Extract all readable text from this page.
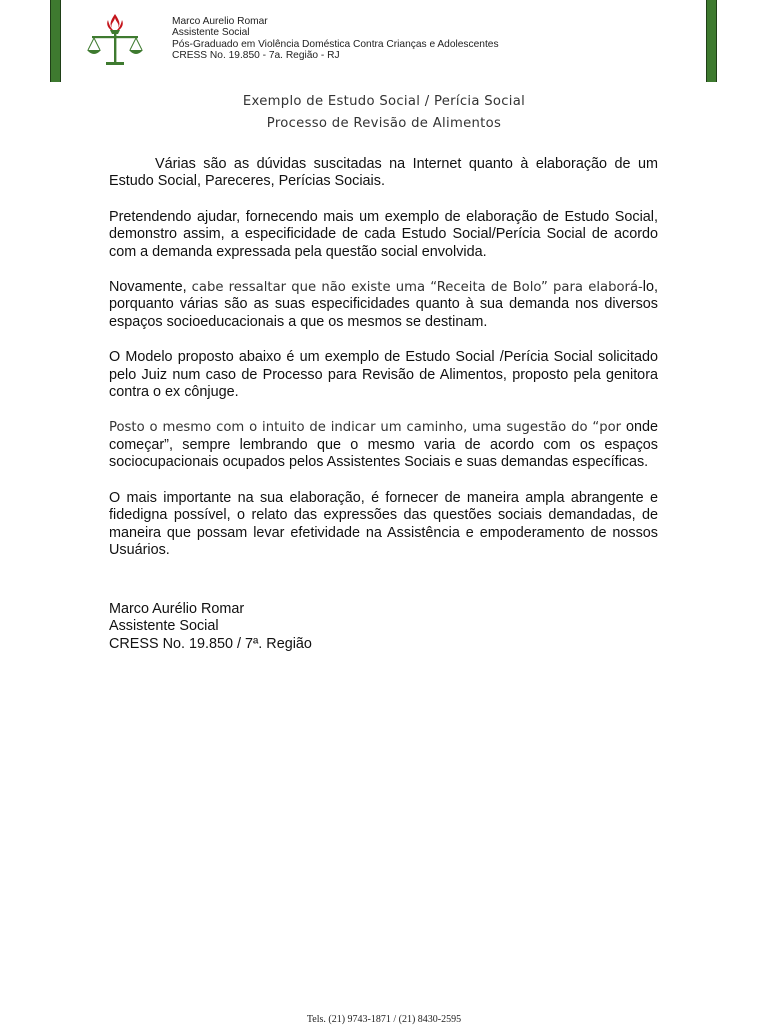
Marco Aurelio Romar
Assistente Social
Pós-Graduado em Violência Doméstica Contra Crianças e Adolescentes
CRESS No. 19.850 - 7a. Região - RJ
Exemplo de Estudo Social / Perícia Social
Processo de Revisão de Alimentos

Várias são as dúvidas suscitadas na Internet quanto à elaboração de um Estudo Social, Pareceres, Perícias Sociais.

Pretendendo ajudar, fornecendo mais um exemplo de elaboração de Estudo Social, demonstro assim, a especificidade de cada Estudo Social/Perícia Social de acordo com a demanda expressada pela questão social envolvida.

Novamente, cabe ressaltar que não existe uma “Receita de Bolo” para elaborá-lo, porquanto várias são as suas especificidades quanto à sua demanda nos diversos espaços socioeducacionais a que os mesmos se destinam.

O Modelo proposto abaixo é um exemplo de Estudo Social /Perícia Social solicitado pelo Juiz num caso de Processo para Revisão de Alimentos, proposto pela genitora contra o ex cônjuge.

Posto o mesmo com o intuito de indicar um caminho, uma sugestão do “por onde começar”, sempre lembrando que o mesmo varia de acordo com os espaços sociocupacionais ocupados pelos Assistentes Sociais e suas demandas específicas.

O mais importante na sua elaboração, é fornecer de maneira ampla abrangente e fidedigna possível, o relato das expressões das questões sociais demandadas, de maneira que possam levar efetividade na Assistência e empoderamento de nossos Usuários.

Marco Aurélio Romar
Assistente Social
CRESS No. 19.850 / 7ª. Região
Tels. (21) 9743-1871 / (21) 8430-2595
